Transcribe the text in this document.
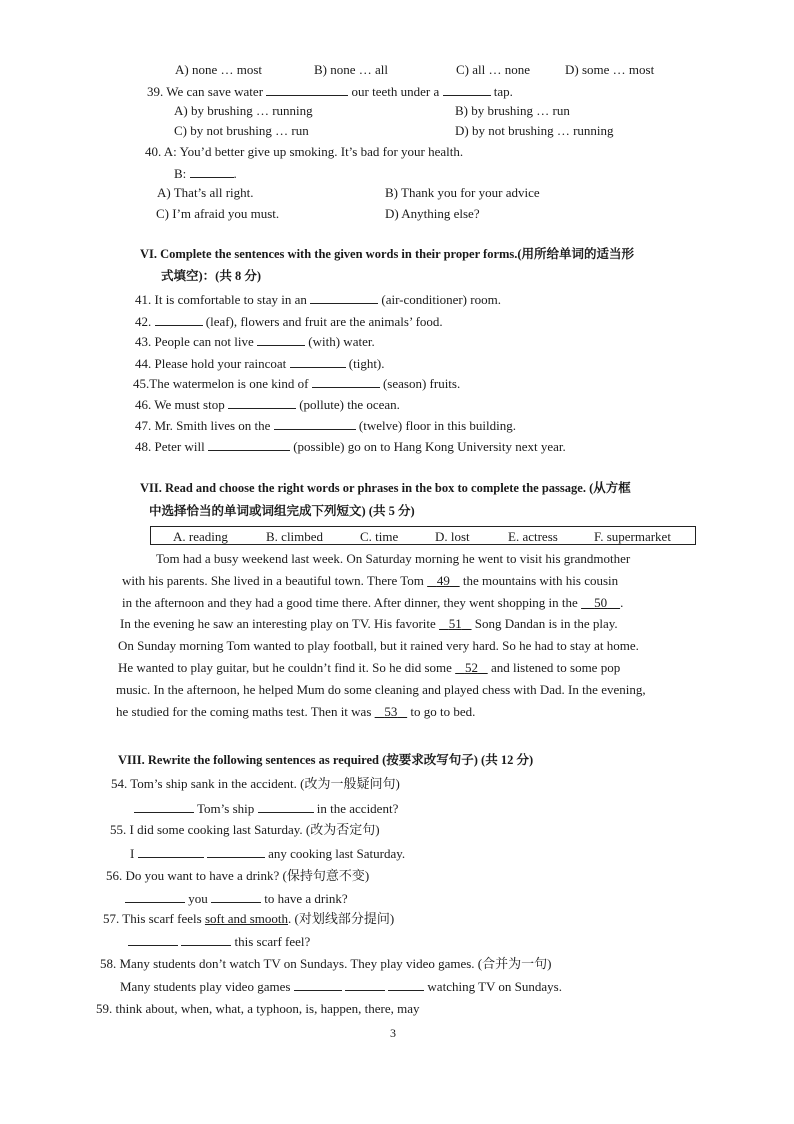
A) none … most	B) none … all	C) all … none	D) some … most
39. We can save water	our teeth under a	tap.
A) by brushing … running	B) by brushing … run
C) by not brushing … run	D) by not brushing … running
40. A: You’d better give up smoking. It’s bad for your health.
B:	.
A) That’s all right.	B) Thank you for your advice
C) I’m afraid you must.	D) Anything else?
VI. Complete the sentences with the given words in their proper forms.(用所给单词的适当形
式填空)：(共 8 分)
41. It is comfortable to stay in an	(air-conditioner) room.
42.	(leaf), flowers and fruit are the animals’ food.
43. People can not live	(with) water.
44. Please hold your raincoat	(tight).
45.The watermelon is one kind of	(season) fruits.
46. We must stop	(pollute) the ocean.
47. Mr. Smith lives on the	(twelve) floor in this building.
48. Peter will	(possible) go on to Hang Kong University next year.
VII. Read and choose the right words or phrases in the box to complete the passage. (从方框
中选择恰当的单词或词组完成下列短文) (共 5 分)
A. reading	B. climbed	C. time	D. lost	E. actress	F. supermarket
Tom had a busy weekend last week. On Saturday morning he went to visit his grandmother
with his parents. She lived in a beautiful town. There Tom 49 the mountains with his cousin
in the afternoon and they had a good time there. After dinner, they went shopping in the 50 .
In the evening he saw an interesting play on TV. His favorite 51 Song Dandan is in the play.
On Sunday morning Tom wanted to play football, but it rained very hard. So he had to stay at home.
He wanted to play guitar, but he couldn’t find it. So he did some 52 and listened to some pop
music. In the afternoon, he helped Mum do some cleaning and played chess with Dad. In the evening,
he studied for the coming maths test. Then it was 53 to go to bed.
VIII. Rewrite the following sentences as required (按要求改写句子) (共 12 分)
54. Tom’s ship sank in the accident. (改为一般疑问句)
Tom’s ship	in the accident?
55. I did some cooking last Saturday. (改为否定句)
I	any cooking last Saturday.
56. Do you want to have a drink? (保持句意不变)
you	to have a drink?
57. This scarf feels soft and smooth. (对划线部分提问)
this scarf feel?
58. Many students don’t watch TV on Sundays. They play video games. (合并为一句)
Many students play video games	watching TV on Sundays.
59. think about, when, what, a typhoon, is, happen, there, may
3
